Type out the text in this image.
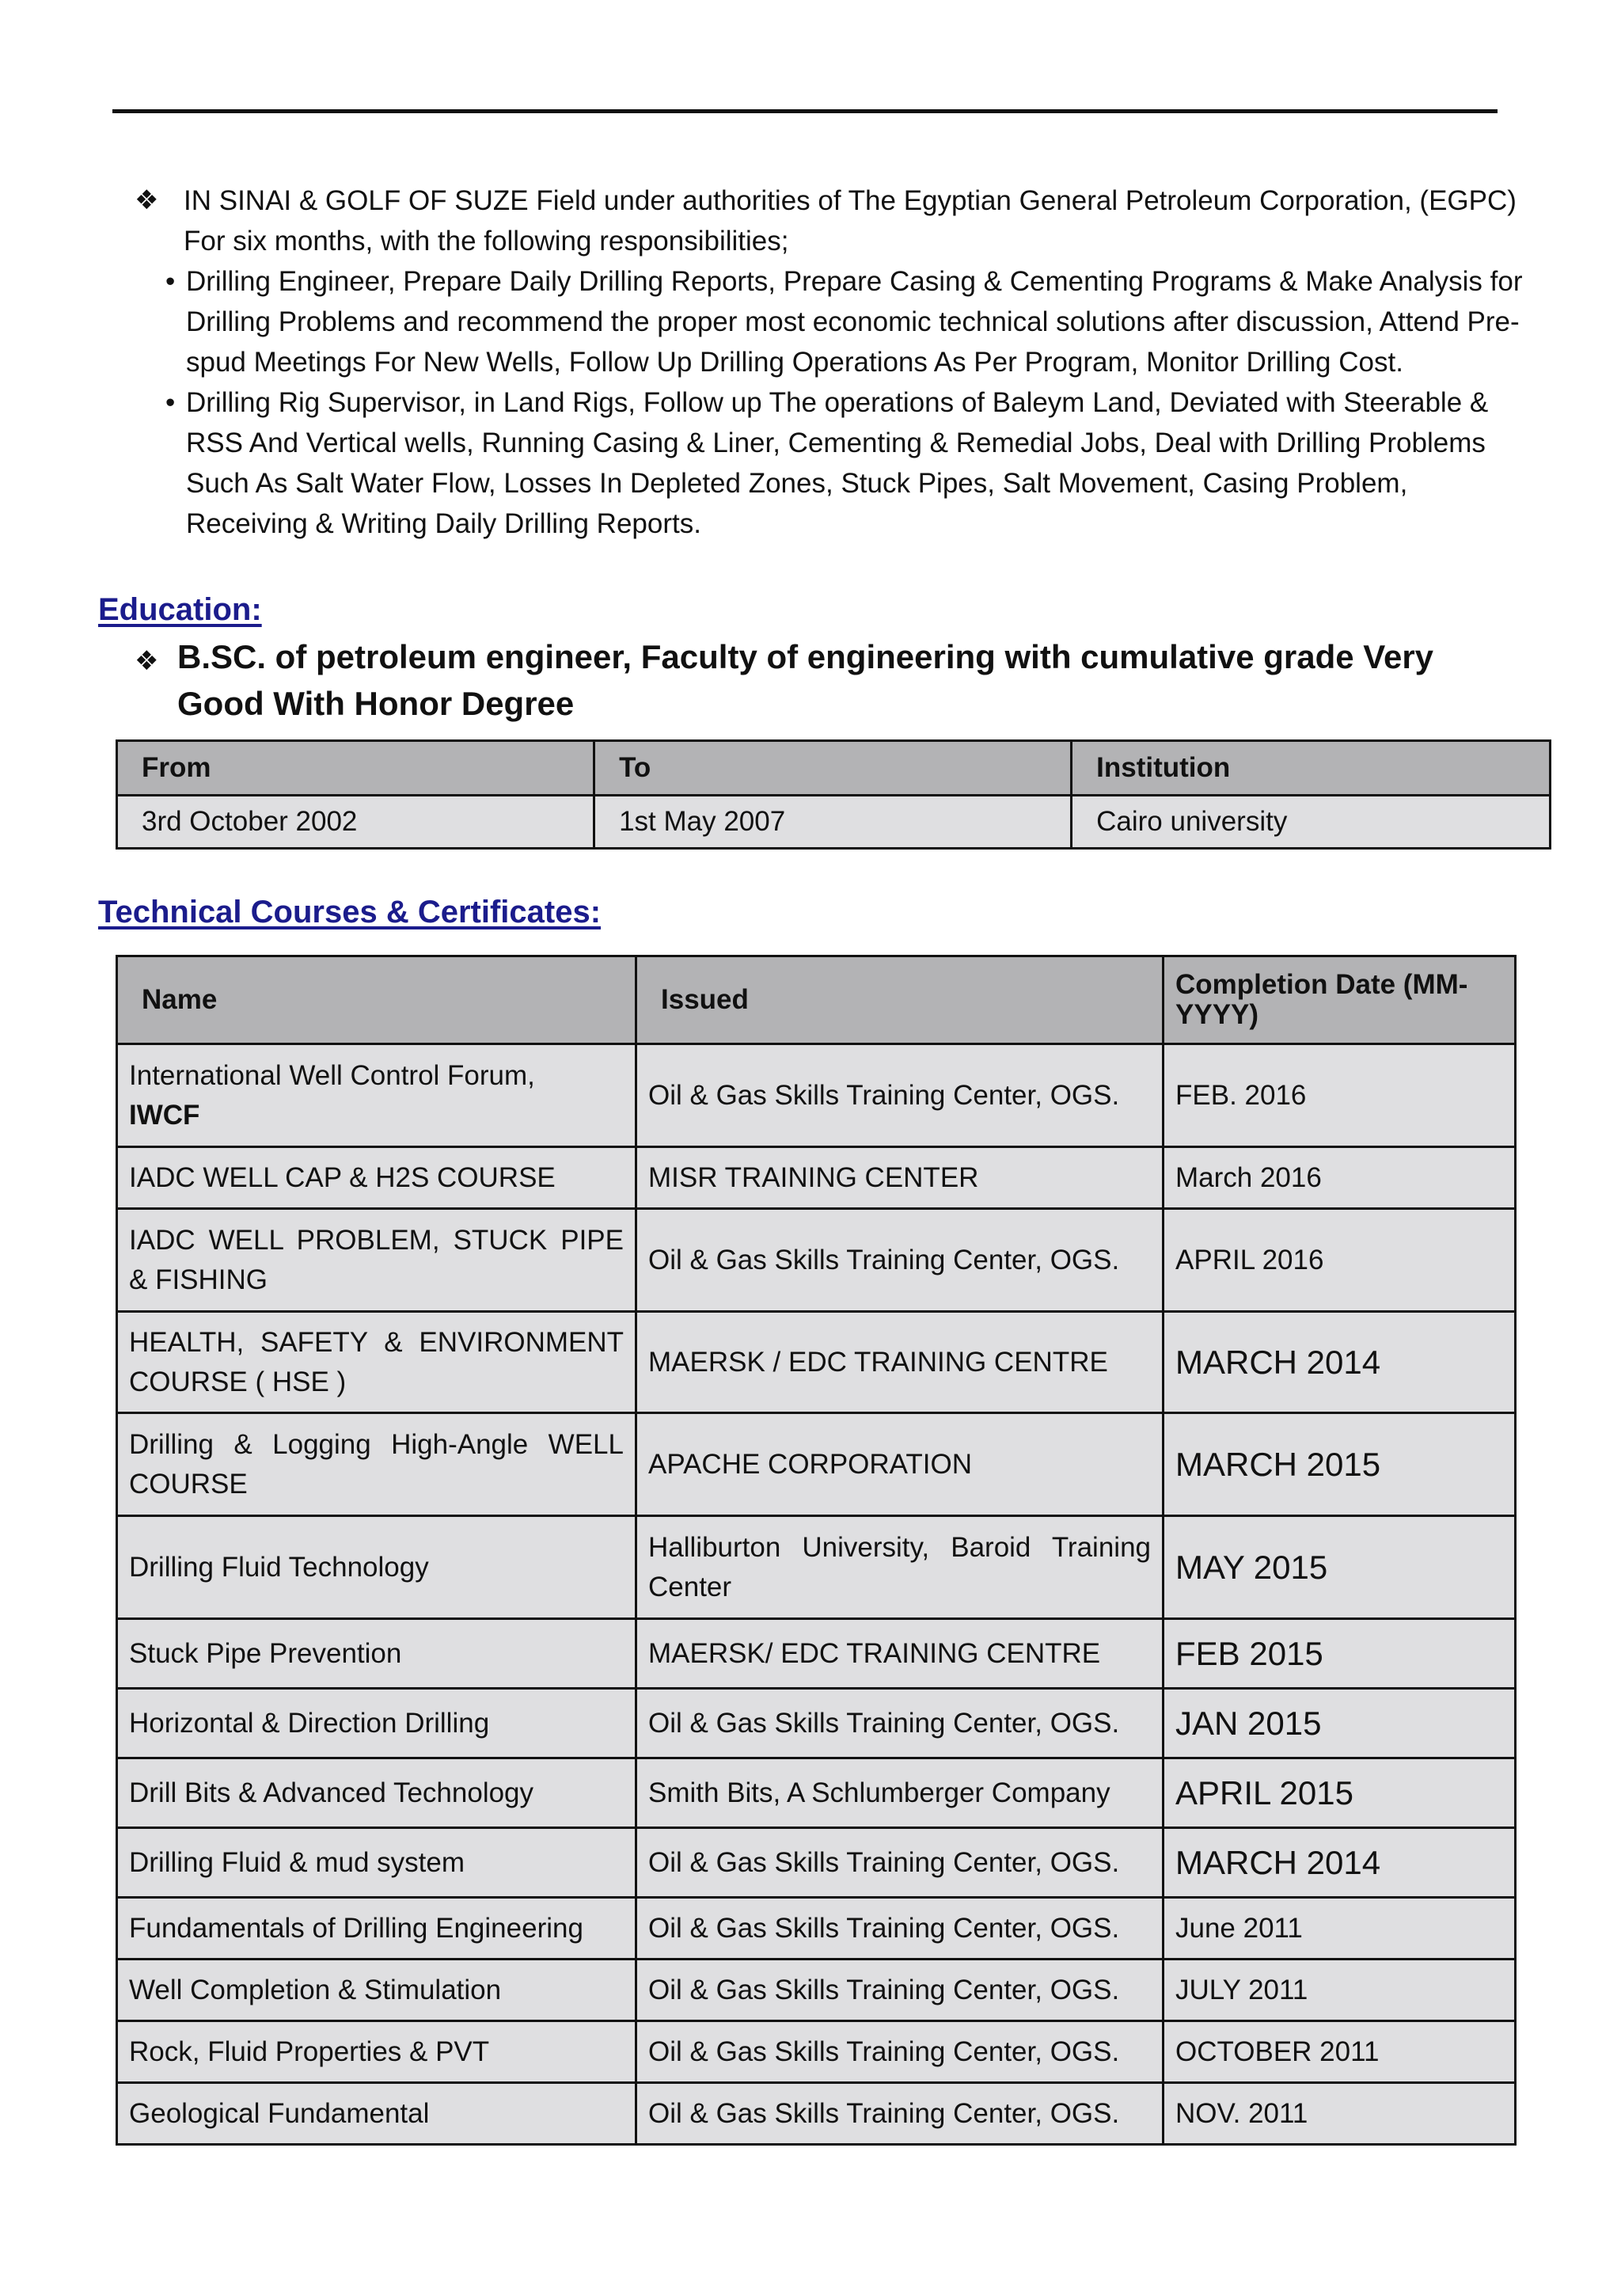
❖ IN SINAI & GOLF OF SUZE Field under authorities of The Egyptian General Petroleum Corporation, (EGPC) For six months, with the following responsibilities;
• Drilling Engineer, Prepare Daily Drilling Reports, Prepare Casing & Cementing Programs & Make Analysis for Drilling Problems and recommend the proper most economic technical solutions after discussion, Attend Pre-spud Meetings For New Wells, Follow Up Drilling Operations As Per Program, Monitor Drilling Cost.
• Drilling Rig Supervisor, in Land Rigs, Follow up The operations of Baleym Land, Deviated with Steerable & RSS And Vertical wells, Running Casing & Liner, Cementing & Remedial Jobs, Deal with Drilling Problems Such As Salt Water Flow, Losses In Depleted Zones, Stuck Pipes, Salt Movement, Casing Problem, Receiving & Writing Daily Drilling Reports.
Education:
❖ B.SC. of petroleum engineer, Faculty of engineering with cumulative grade Very Good With Honor Degree
From	To	Institution
3rd October 2002	1st May 2007	Cairo university
Technical Courses & Certificates:
Name	Issued	Completion Date (MM-YYYY)
International Well Control Forum,
IWCF	Oil & Gas Skills Training Center, OGS.	FEB. 2016
IADC WELL CAP & H2S COURSE	MISR TRAINING CENTER	March 2016
IADC WELL PROBLEM, STUCK PIPE & FISHING	Oil & Gas Skills Training Center, OGS.	APRIL 2016
HEALTH, SAFETY & ENVIRONMENT COURSE ( HSE )	MAERSK / EDC TRAINING CENTRE	MARCH 2014
Drilling & Logging High-Angle WELL COURSE	APACHE CORPORATION	MARCH 2015
Drilling Fluid Technology	Halliburton University, Baroid Training Center	MAY 2015
Stuck Pipe Prevention	MAERSK/ EDC TRAINING CENTRE	FEB 2015
Horizontal & Direction Drilling	Oil & Gas Skills Training Center, OGS.	JAN 2015
Drill Bits & Advanced Technology	Smith Bits, A Schlumberger Company	APRIL 2015
Drilling Fluid & mud system	Oil & Gas Skills Training Center, OGS.	MARCH 2014
Fundamentals of Drilling Engineering	Oil & Gas Skills Training Center, OGS.	June 2011
Well Completion & Stimulation	Oil & Gas Skills Training Center, OGS.	JULY 2011
Rock, Fluid Properties & PVT	Oil & Gas Skills Training Center, OGS.	OCTOBER 2011
Geological Fundamental	Oil & Gas Skills Training Center, OGS.	NOV. 2011
